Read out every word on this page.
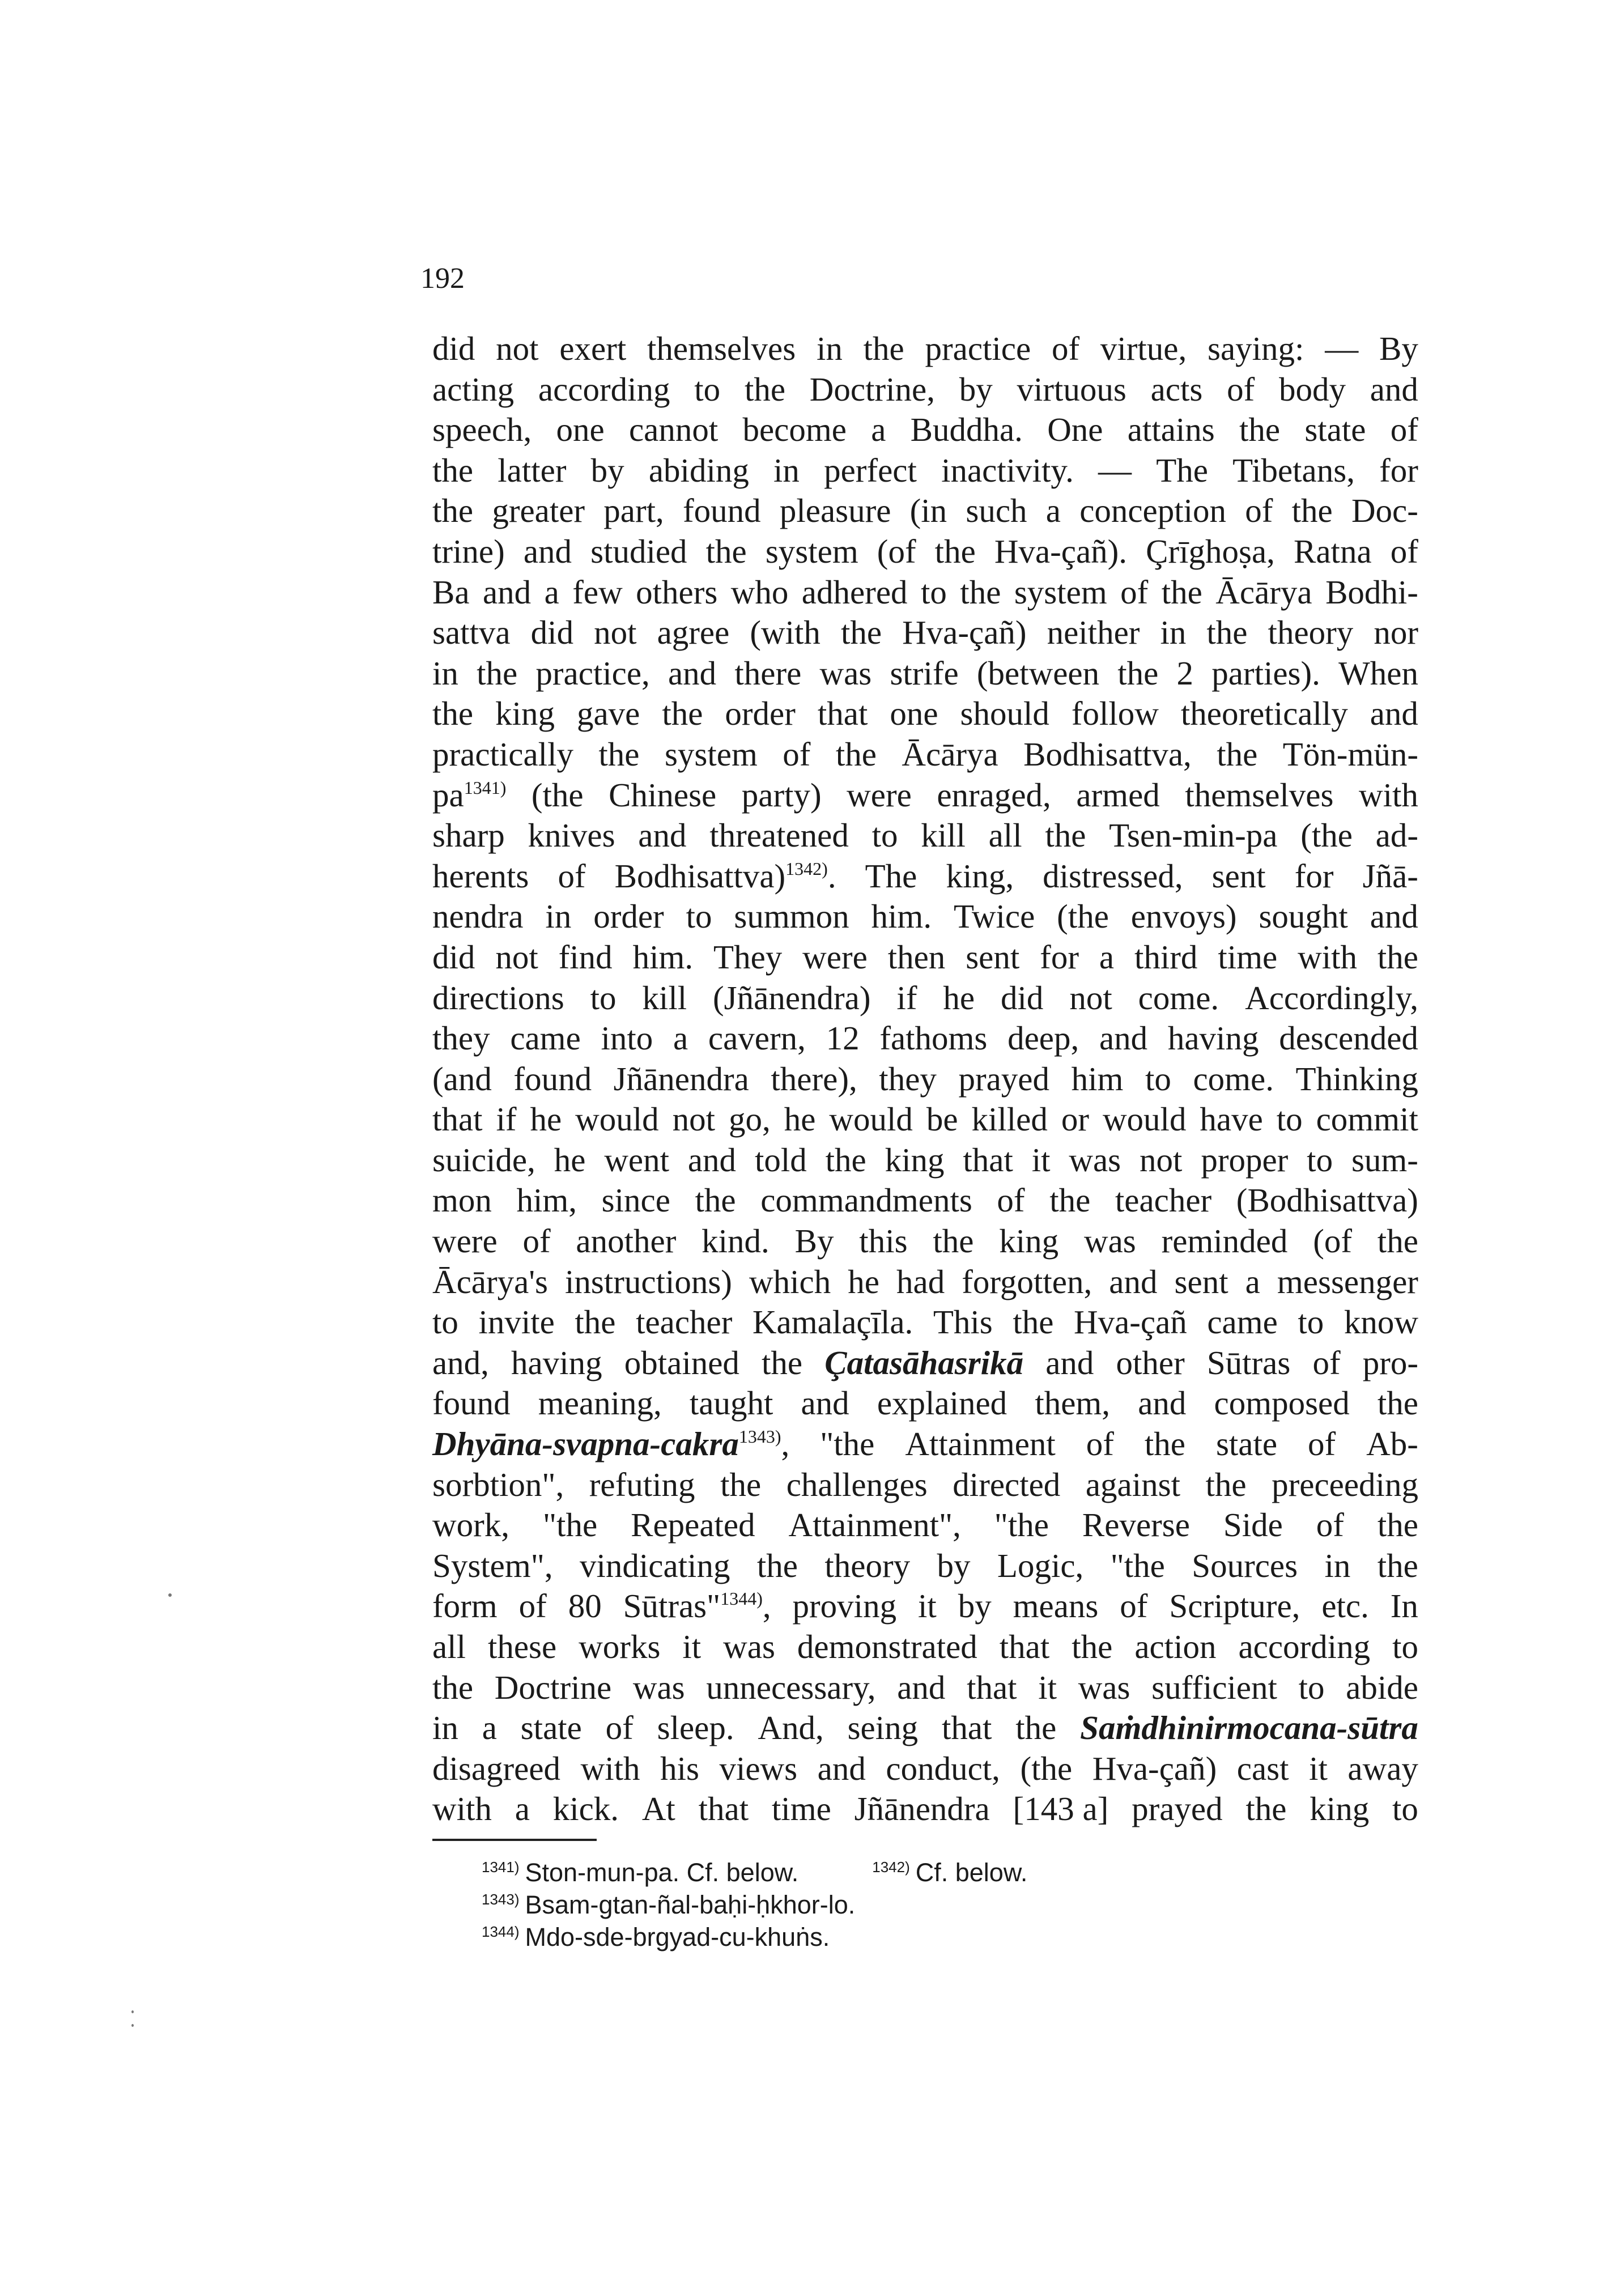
192
did not exert themselves in the practice of virtue, saying: — By
acting according to the Doctrine, by virtuous acts of body and
speech, one cannot become a Buddha. One attains the state of
the latter by abiding in perfect inactivity. — The Tibetans, for
the greater part, found pleasure (in such a conception of the Doc-
trine) and studied the system (of the Hva-çañ). Çrīghoṣa, Ratna of
Ba and a few others who adhered to the system of the Ācārya Bodhi-
sattva did not agree (with the Hva-çañ) neither in the theory nor
in the practice, and there was strife (between the 2 parties). When
the king gave the order that one should follow theoretically and
practically the system of the Ācārya Bodhisattva, the Tön-mün-
pa1341) (the Chinese party) were enraged, armed themselves with
sharp knives and threatened to kill all the Tsen-min-pa (the ad-
herents of Bodhisattva)1342). The king, distressed, sent for Jñā-
nendra in order to summon him. Twice (the envoys) sought and
did not find him. They were then sent for a third time with the
directions to kill (Jñānendra) if he did not come. Accordingly,
they came into a cavern, 12 fathoms deep, and having descended
(and found Jñānendra there), they prayed him to come. Thinking
that if he would not go, he would be killed or would have to commit
suicide, he went and told the king that it was not proper to sum-
mon him, since the commandments of the teacher (Bodhisattva)
were of another kind. By this the king was reminded (of the
Ācārya's instructions) which he had forgotten, and sent a messenger
to invite the teacher Kamalaçīla. This the Hva-çañ came to know
and, having obtained the Çatasāhasrikā and other Sūtras of pro-
found meaning, taught and explained them, and composed the
Dhyāna-svapna-cakra1343), "the Attainment of the state of Ab-
sorbtion", refuting the challenges directed against the preceeding
work, "the Repeated Attainment", "the Reverse Side of the
System", vindicating the theory by Logic, "the Sources in the
form of 80 Sūtras"1344), proving it by means of Scripture, etc. In
all these works it was demonstrated that the action according to
the Doctrine was unnecessary, and that it was sufficient to abide
in a state of sleep. And, seing that the Saṁdhinirmocana-sūtra
disagreed with his views and conduct, (the Hva-çañ) cast it away
with a kick. At that time Jñānendra [143 a] prayed the king to
$^{1341)}$ Ston-mun-pa. Cf. below.	$^{1342)}$ Cf. below.
$^{1343)}$ Bsam-gtan-ñal-baḥi-ḥkhor-lo.
$^{1344)}$ Mdo-sde-brgyad-cu-khuṅs.
